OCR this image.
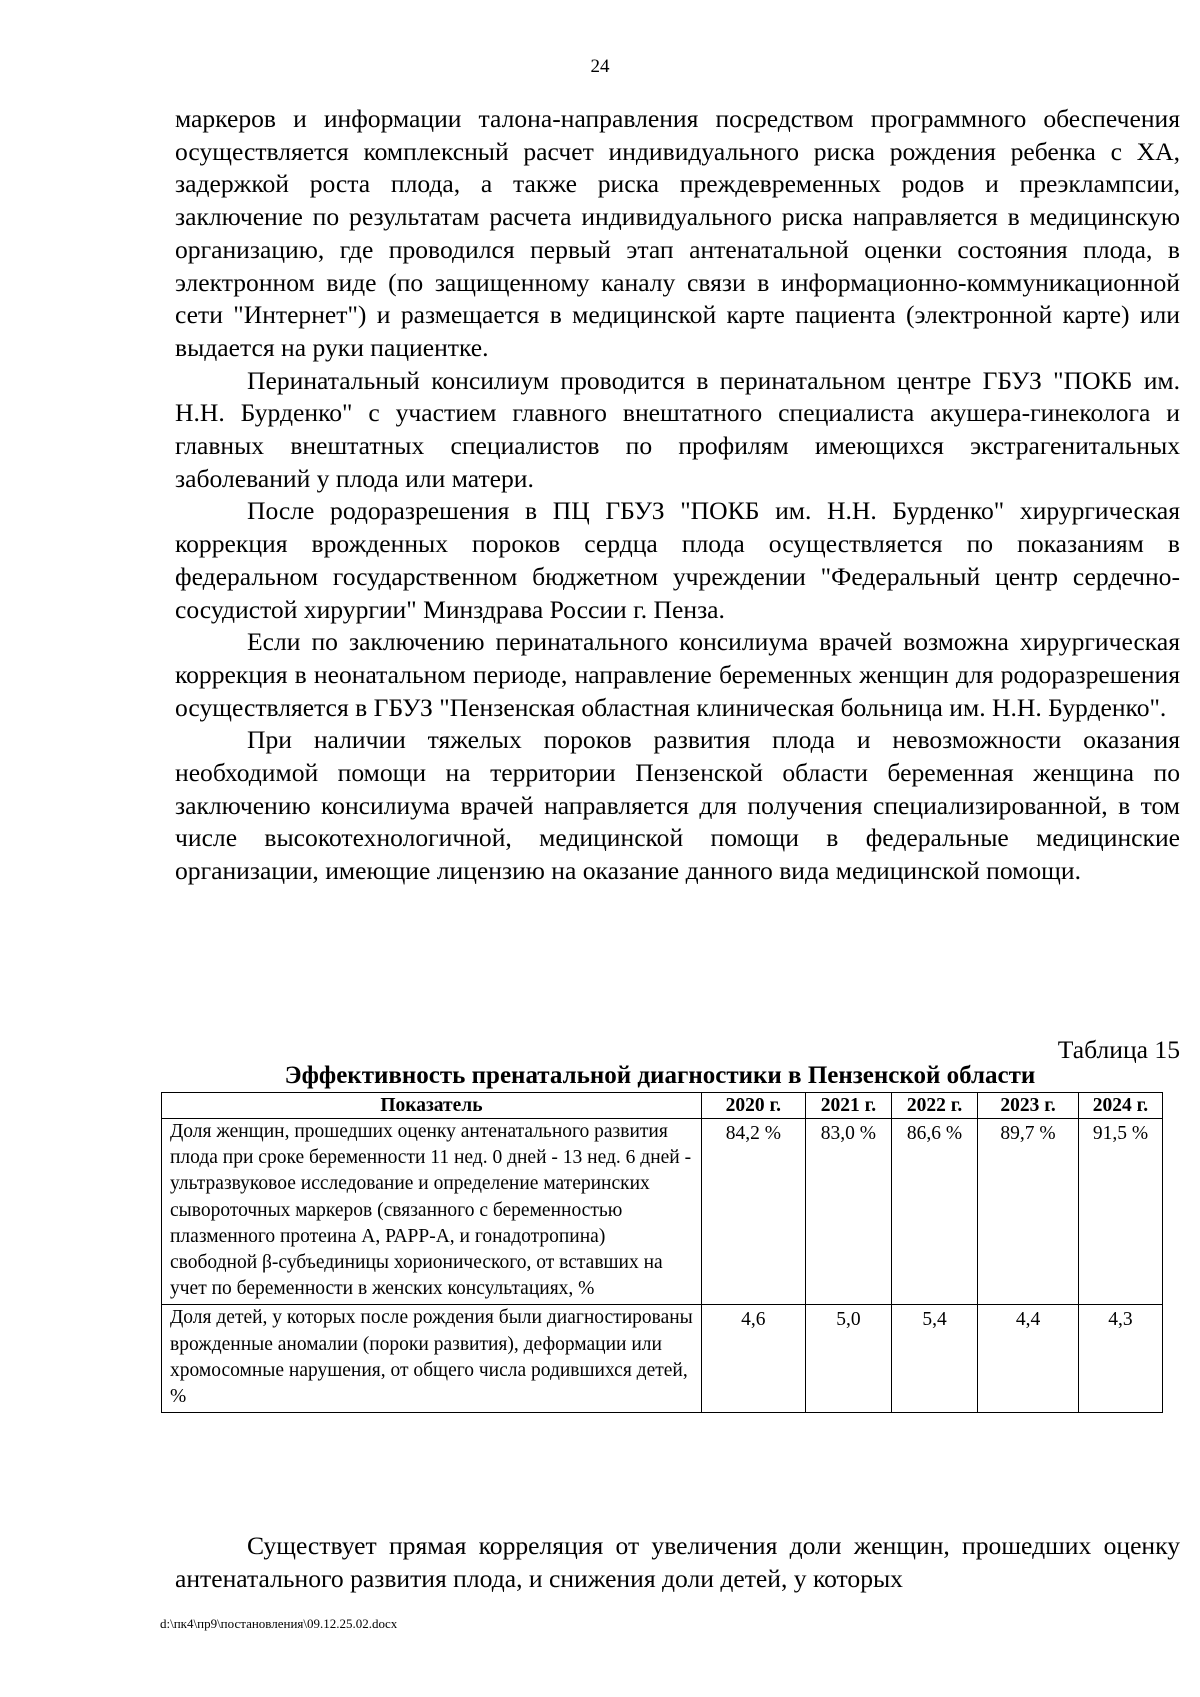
24

маркеров и информации талона-направления посредством программного обеспечения осуществляется комплексный расчет индивидуального риска рождения ребенка с ХА, задержкой роста плода, а также риска преждевременных родов и преэклампсии, заключение по результатам расчета индивидуального риска направляется в медицинскую организацию, где проводился первый этап антенатальной оценки состояния плода, в электронном виде (по защищенному каналу связи в информационно-коммуникационной сети "Интернет") и размещается в медицинской карте пациента (электронной карте) или выдается на руки пациентке.

Перинатальный консилиум проводится в перинатальном центре ГБУЗ "ПОКБ им. Н.Н. Бурденко" с участием главного внештатного специалиста акушера-гинеколога и главных внештатных специалистов по профилям имеющихся экстрагенитальных заболеваний у плода или матери.

После родоразрешения в ПЦ ГБУЗ "ПОКБ им. Н.Н. Бурденко" хирургическая коррекция врожденных пороков сердца плода осуществляется по показаниям в федеральном государственном бюджетном учреждении "Федеральный центр сердечно-сосудистой хирургии" Минздрава России г. Пенза.

Если по заключению перинатального консилиума врачей возможна хирургическая коррекция в неонатальном периоде, направление беременных женщин для родоразрешения осуществляется в ГБУЗ "Пензенская областная клиническая больница им. Н.Н. Бурденко".

При наличии тяжелых пороков развития плода и невозможности оказания необходимой помощи на территории Пензенской области беременная женщина по заключению консилиума врачей направляется для получения специализированной, в том числе высокотехнологичной, медицинской помощи в федеральные медицинские организации, имеющие лицензию на оказание данного вида медицинской помощи.

Таблица 15
Эффективность пренатальной диагностики в Пензенской области
Показатель	2020 г.	2021 г.	2022 г.	2023 г.	2024 г.
Доля женщин, прошедших оценку антенатального развития плода при сроке беременности 11 нед. 0 дней - 13 нед. 6 дней - ультразвуковое исследование и определение материнских сывороточных маркеров (связанного с беременностью плазменного протеина А, РАРР-А, и гонадотропина) свободной β-субъединицы хорионического, от вставших на учет по беременности в женских консультациях, %	84,2 %	83,0 %	86,6 %	89,7 %	91,5 %
Доля детей, у которых после рождения были диагностированы врожденные аномалии (пороки развития), деформации или хромосомные нарушения, от общего числа родившихся детей, %	4,6	5,0	5,4	4,4	4,3

Существует прямая корреляция от увеличения доли женщин, прошедших оценку антенатального развития плода, и снижения доли детей, у которых

d:\пк4\пр9\постановления\09.12.25.02.docx
